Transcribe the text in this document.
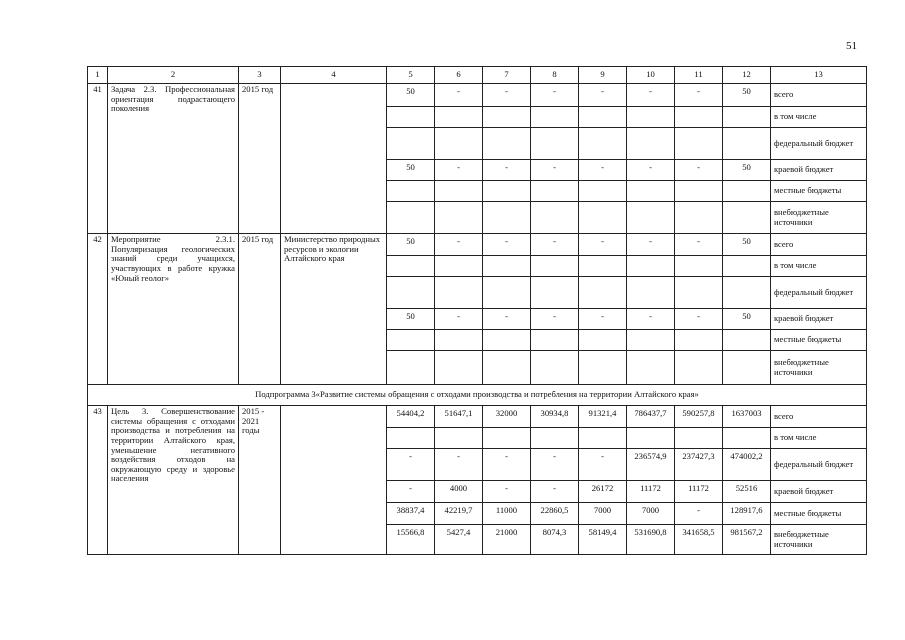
51
1	2	3	4	5	6	7	8	9	10	11	12	13
41	Задача 2.3. Профессиональная ориентация подрастающего поколения	2015 год		50	-	-	-	-	-	-	50	всего
												в том числе
												федеральный бюджет
				50	-	-	-	-	-	-	50	краевой бюджет
												местные бюджеты
												внебюджетные источники
42	Мероприятие 2.3.1. Популяризация геологических знаний среди учащихся, участвующих в работе кружка «Юный геолог»	2015 год	Министерство природных ресурсов и экологии Алтайского края	50	-	-	-	-	-	-	50	всего
												в том числе
												федеральный бюджет
				50	-	-	-	-	-	-	50	краевой бюджет
												местные бюджеты
												внебюджетные источники
Подпрограмма 3«Развитие системы обращения с отходами производства и потребления на территории Алтайского края»												
43	Цель 3. Совершенствование системы обращения с отходами производства и потребления на территории Алтайского края, уменьшение негативного воздействия отходов на окружающую среду и здоровье населения	2015 - 2021 годы		54404,2	51647,1	32000	30934,8	91321,4	786437,7	590257,8	1637003	всего
												в том числе
				-	-	-	-	-	236574,9	237427,3	474002,2	федеральный бюджет
				-	4000	-	-	26172	11172	11172	52516	краевой бюджет
				38837,4	42219,7	11000	22860,5	7000	7000	-	128917,6	местные бюджеты
				15566,8	5427,4	21000	8074,3	58149,4	531690,8	341658,5	981567,2	внебюджетные источники
